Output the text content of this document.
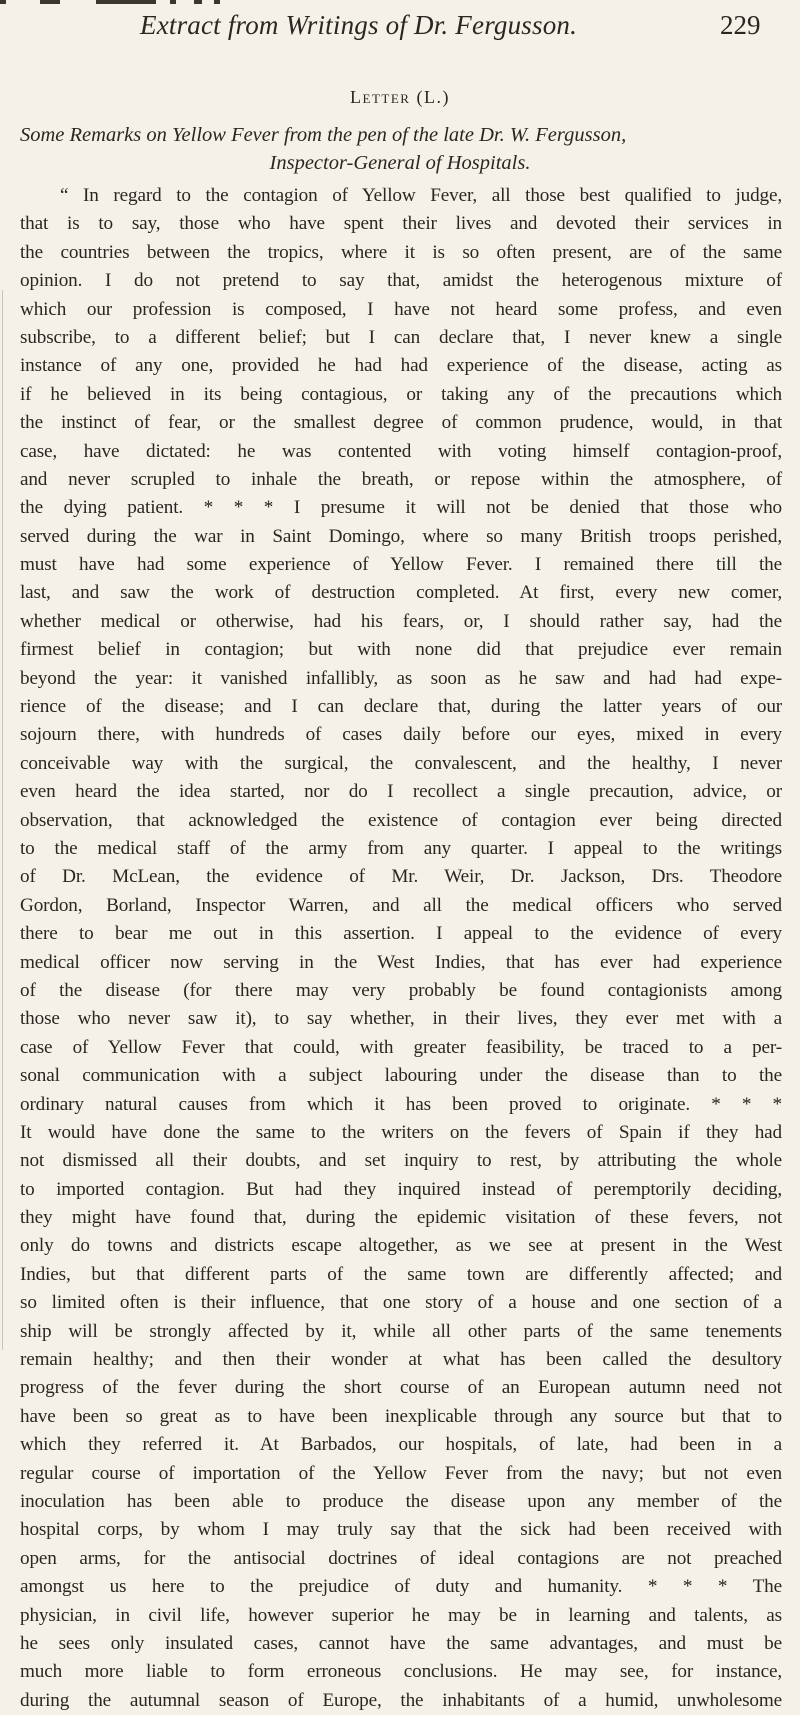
Extract from Writings of Dr. Fergusson.	229
Letter (L.)
Some Remarks on Yellow Fever from the pen of the late Dr. W. Fergusson,
Inspector-General of Hospitals.
“ In regard to the contagion of Yellow Fever, all those best qualified to judge,
that is to say, those who have spent their lives and devoted their services in
the countries between the tropics, where it is so often present, are of the same
opinion. I do not pretend to say that, amidst the heterogenous mixture of
which our profession is composed, I have not heard some profess, and even
subscribe, to a different belief; but I can declare that, I never knew a single
instance of any one, provided he had had experience of the disease, acting as
if he believed in its being contagious, or taking any of the precautions which
the instinct of fear, or the smallest degree of common prudence, would, in that
case, have dictated: he was contented with voting himself contagion-proof,
and never scrupled to inhale the breath, or repose within the atmosphere, of
the dying patient. * * * I presume it will not be denied that those who
served during the war in Saint Domingo, where so many British troops perished,
must have had some experience of Yellow Fever. I remained there till the
last, and saw the work of destruction completed. At first, every new comer,
whether medical or otherwise, had his fears, or, I should rather say, had the
firmest belief in contagion; but with none did that prejudice ever remain
beyond the year: it vanished infallibly, as soon as he saw and had had expe-
rience of the disease; and I can declare that, during the latter years of our
sojourn there, with hundreds of cases daily before our eyes, mixed in every
conceivable way with the surgical, the convalescent, and the healthy, I never
even heard the idea started, nor do I recollect a single precaution, advice, or
observation, that acknowledged the existence of contagion ever being directed
to the medical staff of the army from any quarter. I appeal to the writings
of Dr. McLean, the evidence of Mr. Weir, Dr. Jackson, Drs. Theodore
Gordon, Borland, Inspector Warren, and all the medical officers who served
there to bear me out in this assertion. I appeal to the evidence of every
medical officer now serving in the West Indies, that has ever had experience
of the disease (for there may very probably be found contagionists among
those who never saw it), to say whether, in their lives, they ever met with a
case of Yellow Fever that could, with greater feasibility, be traced to a per-
sonal communication with a subject labouring under the disease than to the
ordinary natural causes from which it has been proved to originate. * * *
It would have done the same to the writers on the fevers of Spain if they had
not dismissed all their doubts, and set inquiry to rest, by attributing the whole
to imported contagion. But had they inquired instead of peremptorily deciding,
they might have found that, during the epidemic visitation of these fevers, not
only do towns and districts escape altogether, as we see at present in the West
Indies, but that different parts of the same town are differently affected; and
so limited often is their influence, that one story of a house and one section of a
ship will be strongly affected by it, while all other parts of the same tenements
remain healthy; and then their wonder at what has been called the desultory
progress of the fever during the short course of an European autumn need not
have been so great as to have been inexplicable through any source but that to
which they referred it. At Barbados, our hospitals, of late, had been in a
regular course of importation of the Yellow Fever from the navy; but not even
inoculation has been able to produce the disease upon any member of the
hospital corps, by whom I may truly say that the sick had been received with
open arms, for the antisocial doctrines of ideal contagions are not preached
amongst us here to the prejudice of duty and humanity. * * * The
physician, in civil life, however superior he may be in learning and talents, as
he sees only insulated cases, cannot have the same advantages, and must be
much more liable to form erroneous conclusions. He may see, for instance,
during the autumnal season of Europe, the inhabitants of a humid, unwholesome
